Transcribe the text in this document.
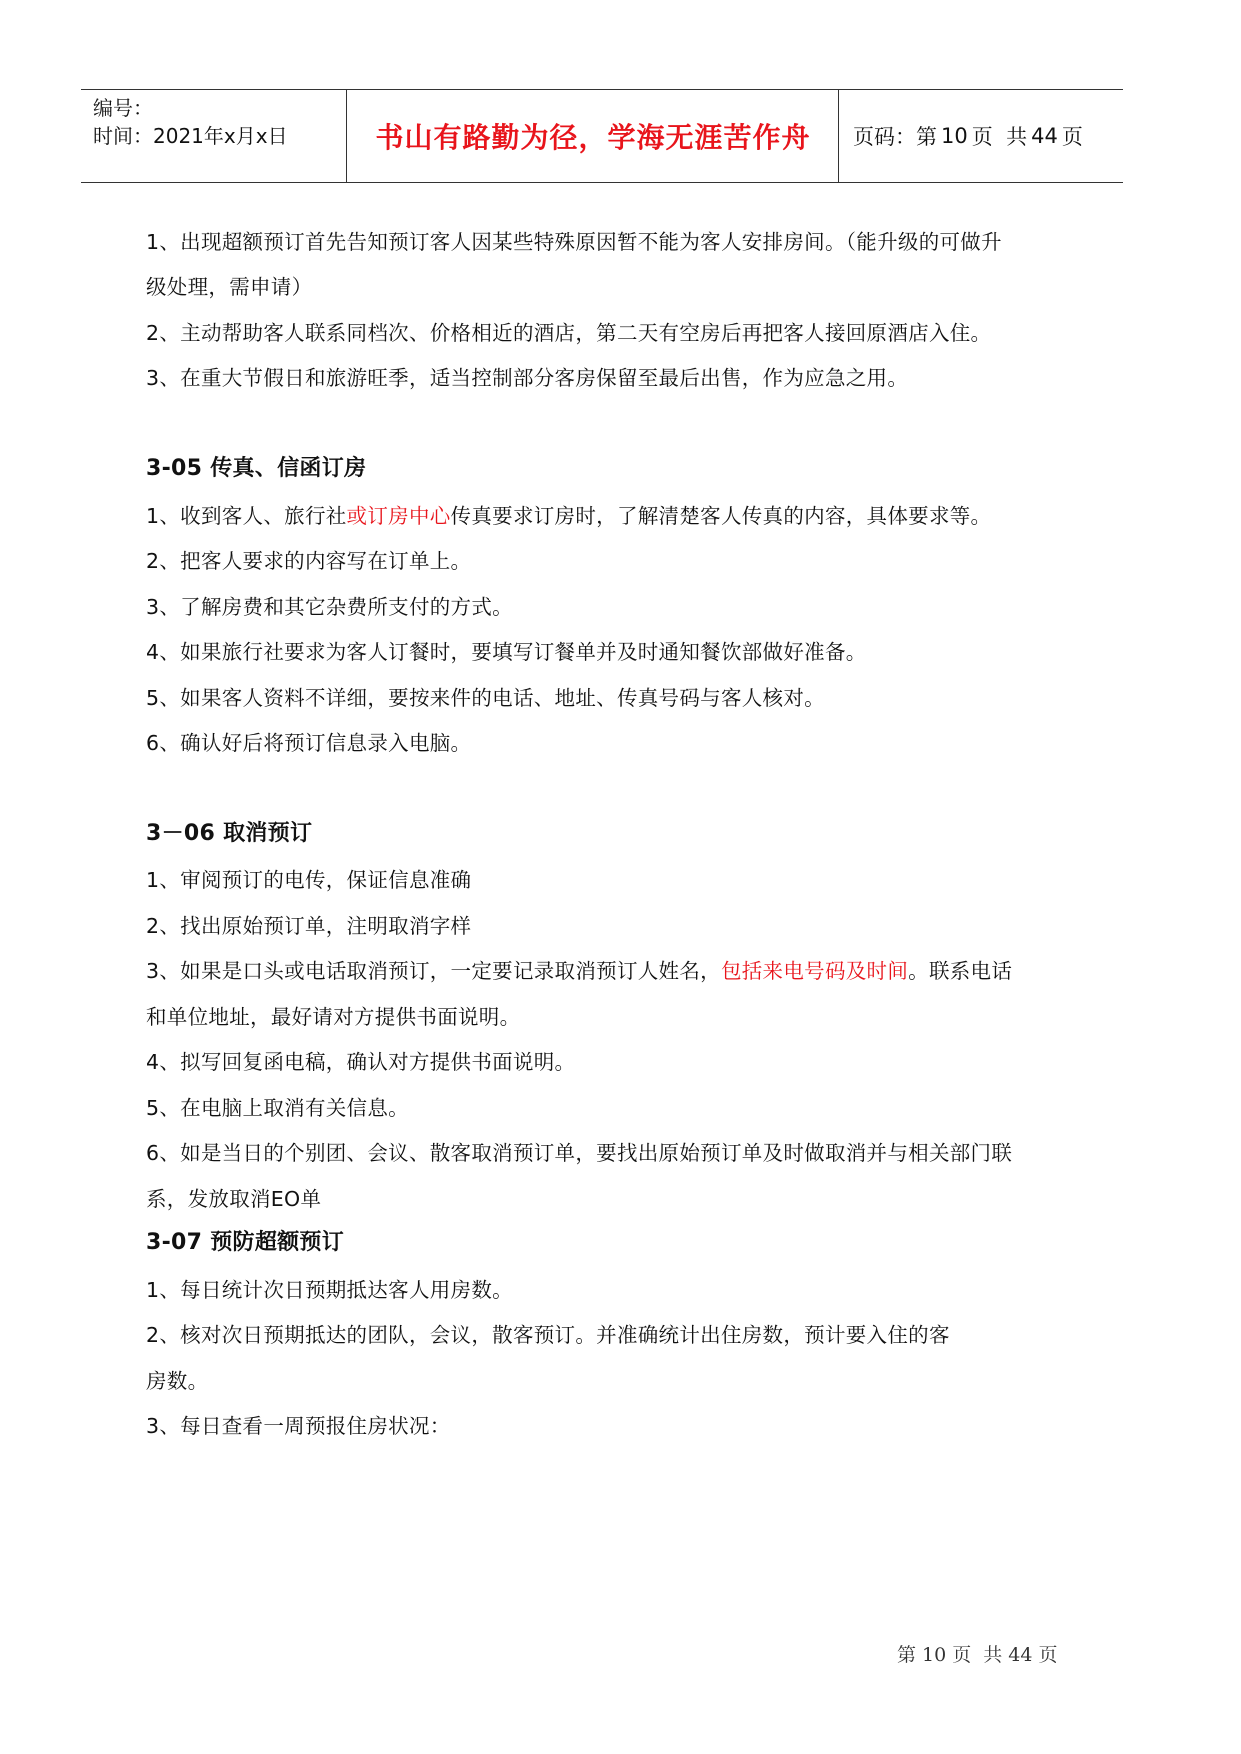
编号：
时间：2021年x月x日	书山有路勤为径，学海无涯苦作舟	页码：第 10 页  共 44 页
1、出现超额预订首先告知预订客人因某些特殊原因暂不能为客人安排房间。（能升级的可做升
级处理，需申请）
2、主动帮助客人联系同档次、价格相近的酒店，第二天有空房后再把客人接回原酒店入住。
3、在重大节假日和旅游旺季，适当控制部分客房保留至最后出售，作为应急之用。
3-05 传真、信函订房
1、收到客人、旅行社或订房中心传真要求订房时，了解清楚客人传真的内容，具体要求等。
2、把客人要求的内容写在订单上。
3、了解房费和其它杂费所支付的方式。
4、如果旅行社要求为客人订餐时，要填写订餐单并及时通知餐饮部做好准备。
5、如果客人资料不详细，要按来件的电话、地址、传真号码与客人核对。
6、确认好后将预订信息录入电脑。
3－06 取消预订
1、审阅预订的电传，保证信息准确
2、找出原始预订单，注明取消字样
3、如果是口头或电话取消预订，一定要记录取消预订人姓名，包括来电号码及时间。联系电话
和单位地址，最好请对方提供书面说明。
4、拟写回复函电稿，确认对方提供书面说明。
5、在电脑上取消有关信息。
6、如是当日的个别团、会议、散客取消预订单，要找出原始预订单及时做取消并与相关部门联
系，发放取消EO单
3-07 预防超额预订
1、每日统计次日预期抵达客人用房数。
2、核对次日预期抵达的团队，会议，散客预订。并准确统计出住房数，预计要入住的客
房数。
3、每日查看一周预报住房状况：
第 10 页  共 44 页
